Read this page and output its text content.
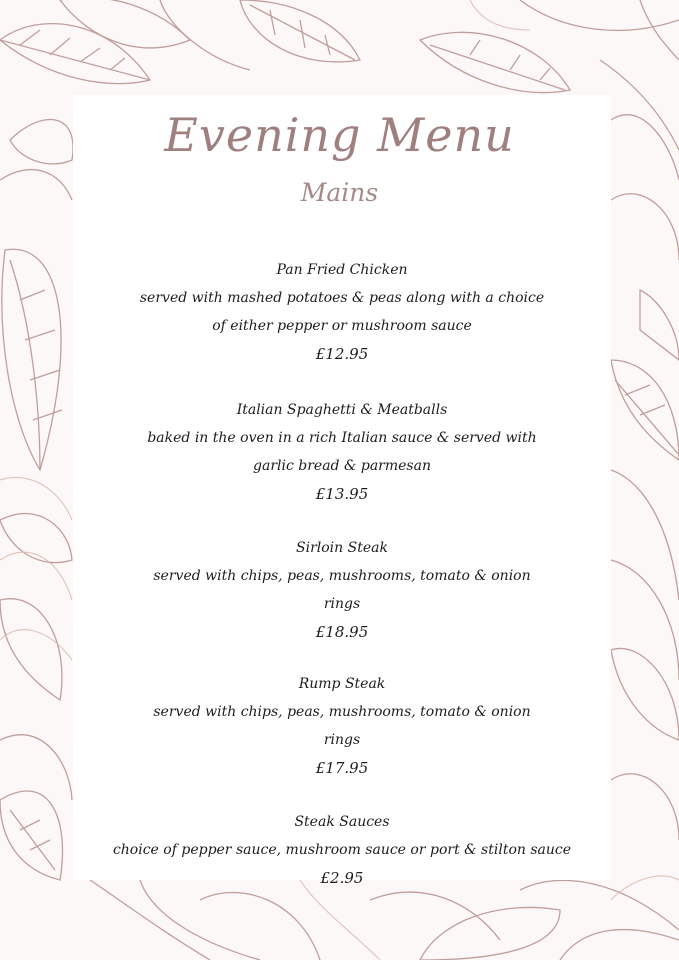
Evening Menu
Mains
Pan Fried Chicken
served with mashed potatoes & peas along with a choice of either pepper or mushroom sauce
£12.95
Italian Spaghetti & Meatballs
baked in the oven in a rich Italian sauce & served with garlic bread & parmesan
£13.95
Sirloin Steak
served with chips, peas, mushrooms, tomato & onion rings
£18.95
Rump Steak
served with chips, peas, mushrooms, tomato & onion rings
£17.95
Steak Sauces
choice of pepper sauce, mushroom sauce or port & stilton sauce
£2.95
